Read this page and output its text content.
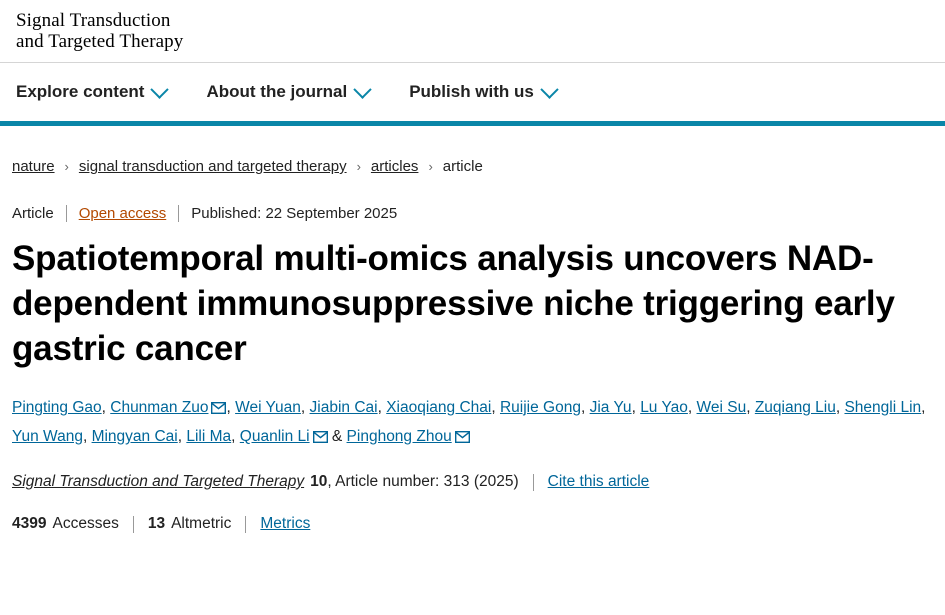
Signal Transduction
and Targeted Therapy
Explore content	About the journal	Publish with us
nature › signal transduction and targeted therapy › articles › article
Article Open access Published: 22 September 2025
Spatiotemporal multi-omics analysis uncovers NAD-dependent immunosuppressive niche triggering early gastric cancer
Pingting Gao, Chunman Zuo , Wei Yuan, Jiabin Cai, Xiaoqiang Chai, Ruijie Gong, Jia Yu, Lu Yao, Wei Su, Zuqiang Liu, Shengli Lin, Yun Wang, Mingyan Cai, Lili Ma, Quanlin Li & Pinghong Zhou
Signal Transduction and Targeted Therapy 10 , Article number: 313 (2025) Cite this article
4399 Accesses 13 Altmetric Metrics
